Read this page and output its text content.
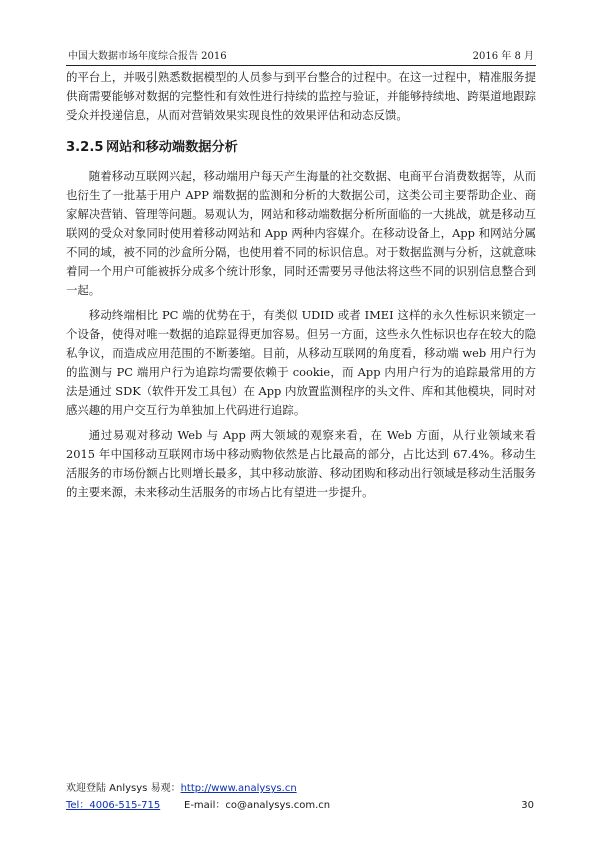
中国大数据市场年度综合报告 2016	2016 年 8 月

的平台上，并吸引熟悉数据模型的人员参与到平台整合的过程中。在这一过程中，精准服务提供商需要能够对数据的完整性和有效性进行持续的监控与验证，并能够持续地、跨渠道地跟踪受众并投递信息，从而对营销效果实现良性的效果评估和动态反馈。

3.2.5 网站和移动端数据分析

随着移动互联网兴起，移动端用户每天产生海量的社交数据、电商平台消费数据等，从而也衍生了一批基于用户 APP 端数据的监测和分析的大数据公司，这类公司主要帮助企业、商家解决营销、管理等问题。易观认为，网站和移动端数据分析所面临的一大挑战，就是移动互联网的受众对象同时使用着移动网站和 App 两种内容媒介。在移动设备上，App 和网站分属不同的域，被不同的沙盒所分隔，也使用着不同的标识信息。对于数据监测与分析，这就意味着同一个用户可能被拆分成多个统计形象，同时还需要另寻他法将这些不同的识别信息整合到一起。

移动终端相比 PC 端的优势在于，有类似 UDID 或者 IMEI 这样的永久性标识来锁定一个设备，使得对唯一数据的追踪显得更加容易。但另一方面，这些永久性标识也存在较大的隐私争议，而造成应用范围的不断萎缩。目前，从移动互联网的角度看，移动端 web 用户行为的监测与 PC 端用户行为追踪均需要依赖于 cookie，而 App 内用户行为的追踪最常用的方法是通过 SDK（软件开发工具包）在 App 内放置监测程序的头文件、库和其他模块，同时对感兴趣的用户交互行为单独加上代码进行追踪。

通过易观对移动 Web 与 App 两大领域的观察来看，在 Web 方面，从行业领域来看 2015 年中国移动互联网市场中移动购物依然是占比最高的部分，占比达到 67.4%。移动生活服务的市场份额占比则增长最多，其中移动旅游、移动团购和移动出行领域是移动生活服务的主要来源，未来移动生活服务的市场占比有望进一步提升。

欢迎登陆 Anlysys 易观：http://www.analysys.cn
Tel：4006-515-715 E-mail：co@analysys.com.cn	30
